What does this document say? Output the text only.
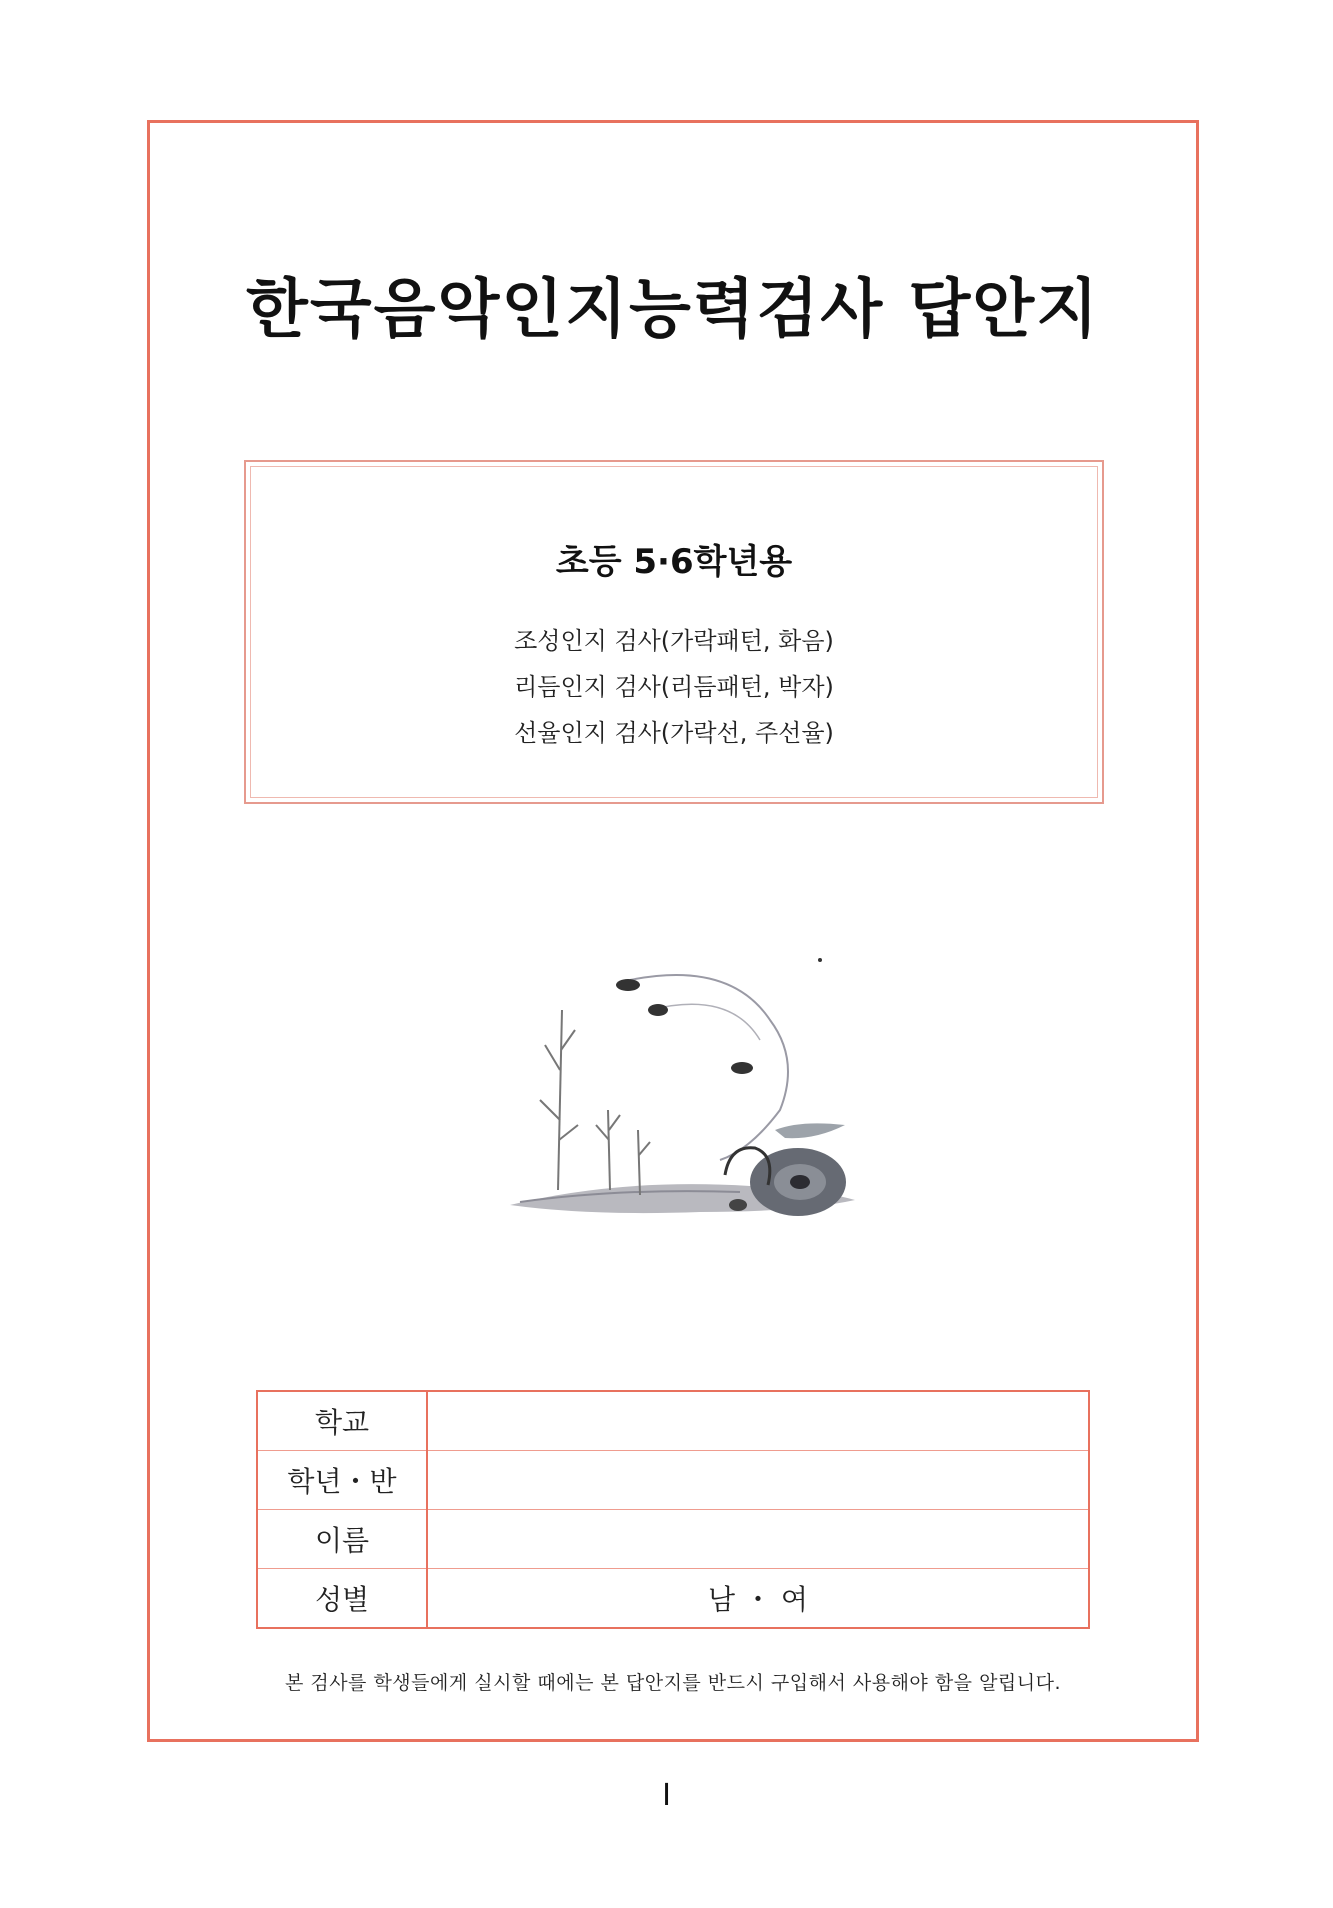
한국음악인지능력검사 답안지
초등 5·6학년용
조성인지 검사(가락패턴, 화음)
리듬인지 검사(리듬패턴, 박자)
선율인지 검사(가락선, 주선율)
학교	
학년・반	
이름	
성별	남 ・ 여
본 검사를 학생들에게 실시할 때에는 본 답안지를 반드시 구입해서 사용해야 함을 알립니다.
I
